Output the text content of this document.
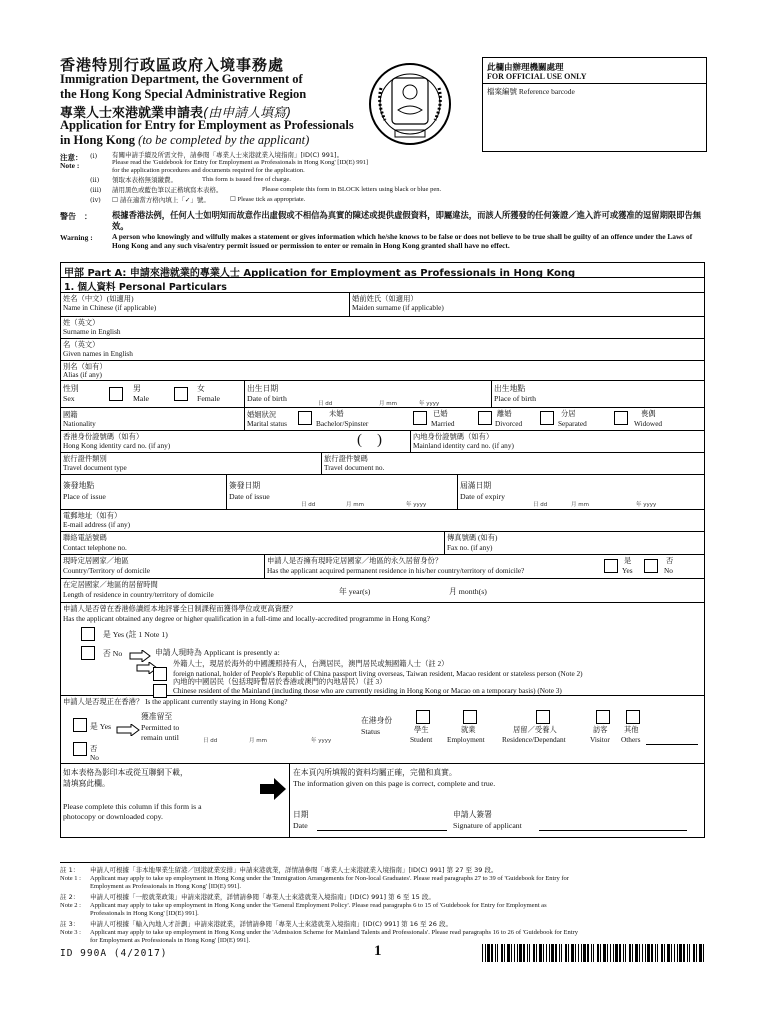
香港特別行政區政府入境事務處
Immigration Department, the Government of
the Hong Kong Special Administrative Region
專業人士來港就業申請表(由申請人填寫)
Application for Entry for Employment as Professionals
in Hong Kong (to be completed by the applicant)
此欄由辦理機關處理
FOR OFFICIAL USE ONLY
檔案編號 Reference barcode
注意：
Note :
(i) 有關申請手續及所需文件，請參閱「專業人士來港就業入境指南」[ID(C) 991]。
Please read the 'Guidebook for Entry for Employment as Professionals in Hong Kong' [ID(E) 991]
for the application procedures and documents required for the application.
(ii) 領取本表格無須繳費。	This form is issued free of charge.
(iii) 請用黑色或藍色筆以正楷填寫本表格。	Please complete this form in BLOCK letters using black or blue pen.
(iv) ☐ 請在適當方格內填上「✓」號。	☐ Please tick as appropriate.
警告　： 根據香港法例，任何人士如明知而故意作出虛假或不相信為真實的陳述或提供虛假資料，即屬違法，而該人所獲發的任何簽證／進入許可或獲准的逗留期限即告無效。
Warning :	A person who knowingly and wilfully makes a statement or gives information which he/she knows to be false or does not believe to be true shall be guilty of an offence under the Laws of Hong Kong and any such visa/entry permit issued or permission to enter or remain in Hong Kong granted shall have no effect.
甲部 Part A: 申請來港就業的專業人士 Application for Employment as Professionals in Hong Kong
1. 個人資料 Personal Particulars
姓名（中文）(如適用)
Name in Chinese (if applicable)
婚前姓氏（如適用）
Maiden surname (if applicable)
姓（英文）
Surname in English
名（英文）
Given names in English
別名（如有）
Alias (if any)
性別
Sex
男
Male
女
Female
出生日期
Date of birth
日 dd	月 mm	年 yyyy
出生地點
Place of birth
國籍
Nationality
婚姻狀況
Marital status
未婚
Bachelor/Spinster
已婚
Married
離婚
Divorced
分居
Separated
喪偶
Widowed
香港身份證號碼（如有）
Hong Kong identity card no. (if any)	(    )	內地身份證號碼（如有）
Mainland identity card no. (if any)
旅行證件類別
Travel document type
旅行證件號碼
Travel document no.
簽發地點
Place of issue
簽發日期
Date of issue
日 dd	月 mm	年 yyyy
屆滿日期
Date of expiry
日 dd	月 mm	年 yyyy
電郵地址（如有）
E-mail address (if any)
聯絡電話號碼
Contact telephone no.
傳真號碼 (如有)
Fax no. (if any)
現時定居國家／地區
Country/Territory of domicile
申請人是否擁有現時定居國家／地區的永久居留身份？
Has the applicant acquired permanent residence in his/her country/territory of domicile?
是
Yes
否
No
在定居國家／地區的居留時間
Length of residence in country/territory of domicile	年 year(s)	月 month(s)
申請人是否曾在香港修讀經本地評審全日制課程而獲得學位或更高資歷？
Has the applicant obtained any degree or higher qualification in a full-time and locally-accredited programme in Hong Kong?
是 Yes (註 1 Note 1)
否 No	申請人現時為 Applicant is presently a:
外籍人士，現居於海外的中國護照持有人，台灣居民，澳門居民或無國籍人士（註 2）
foreign national, holder of People's Republic of China passport living overseas, Taiwan resident, Macao resident or stateless person (Note 2)
內地的中國居民（包括現時暫居於香港或澳門的內地居民）（註 3）
Chinese resident of the Mainland (including those who are currently residing in Hong Kong or Macao on a temporary basis) (Note 3)
申請人是否現正在香港？ Is the applicant currently staying in Hong Kong?
是 Yes
獲准留至
Permitted to
remain until	日 dd	月 mm	年 yyyy
在港身份
Status	學生
Student
就業
Employment
居留／受養人
Residence/Dependant
訪客
Visitor
其他
Others
否
No
如本表格為影印本或從互聯網下載，
請填寫此欄。
Please complete this column if this form is a
photocopy or downloaded copy.
在本頁內所填報的資料均屬正確，完備和真實。
The information given on this page is correct, complete and true.
日期
Date
申請人簽署
Signature of applicant
註 1： 申請人可根據「非本地畢業生留港／回港就業安排」申請來港就業，詳情請參閱「專業人士來港就業入境指南」[ID(C) 991] 第 27 至 39 段。
Note 1 : Applicant may apply to take up employment in Hong Kong under the 'Immigration Arrangements for Non-local Graduates'. Please read paragraphs 27 to 39 of 'Guidebook for Entry for
Employment as Professionals in Hong Kong' [ID(E) 991].
註 2： 申請人可根據「一般就業政策」申請來港就業，詳情請參閱「專業人士來港就業入境指南」[ID(C) 991] 第 6 至 15 段。
Note 2 : Applicant may apply to take up employment in Hong Kong under the 'General Employment Policy'. Please read paragraphs 6 to 15 of 'Guidebook for Entry for Employment as
Professionals in Hong Kong' [ID(E) 991].
註 3： 申請人可根據「輸入內地人才計劃」申請來港就業，詳情請參閱「專業人士來港就業入境指南」[ID(C) 991] 第 16 至 26 段。
Note 3 : Applicant may apply to take up employment in Hong Kong under the 'Admission Scheme for Mainland Talents and Professionals'. Please read paragraphs 16 to 26 of 'Guidebook for Entry
for Employment as Professionals in Hong Kong' [ID(E) 991].
ID 990A (4/2017)	1
